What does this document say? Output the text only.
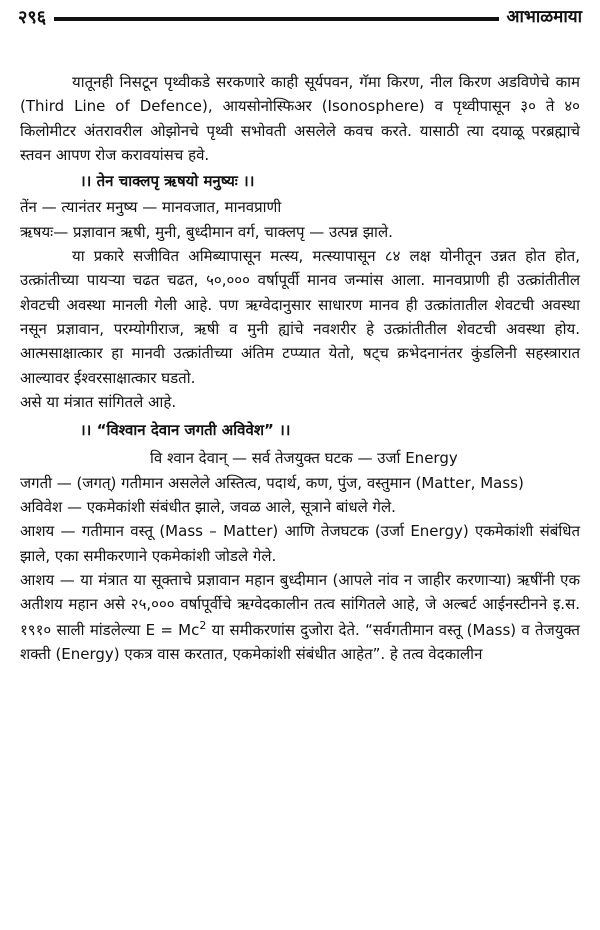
२९६	आभाळमाया

यातूनही निसटून पृथ्वीकडे सरकणारे काही सूर्यपवन, गॅमा किरण, नील किरण अडविणेचे काम (Third Line of Defence), आयसोनोस्फिअर (Isonosphere) व पृथ्वीपासून ३० ते ४० किलोमीटर अंतरावरील ओझोनचे पृथ्वी सभोवती असलेले कवच करते. यासाठी त्या दयाळू परब्रह्माचे स्तवन आपण रोज करावयांसच हवे.

।। तेन चाक्लपृ ऋषयो मनुष्यः ।।

तेंन — त्यानंतर मनुष्य — मानवजात, मानवप्राणी

ऋषयः— प्रज्ञावान ऋषी, मुनी, बुध्दीमान वर्ग, चाक्लपृ — उत्पन्न झाले.

या प्रकारे सजीवित अमिब्यापासून मत्स्य, मत्स्यापासून ८४ लक्ष योनीतून उन्नत होत होत, उत्क्रांतीच्या पायऱ्या चढत चढत, ५०,००० वर्षापूर्वी मानव जन्मांस आला. मानवप्राणी ही उत्क्रांतीतील शेवटची अवस्था मानली गेली आहे. पण ऋग्वेदानुसार साधारण मानव ही उत्क्रांतातील शेवटची अवस्था नसून प्रज्ञावान, परम्योगीराज, ऋषी व मुनी ह्यांचे नवशरीर हे उत्क्रांतीतील शेवटची अवस्था होय. आत्मसाक्षात्कार हा मानवी उत्क्रांतीच्या अंतिम टप्प्यात येतो, षट्च क्रभेदनानंतर कुंडलिनी सहस्त्रारात आल्यावर ईश्वरसाक्षात्कार घडतो.

असे या मंत्रात सांगितले आहे.

।। “विश्वान देवान जगती अविवेश” ।।

वि श्वान देवान् — सर्व तेजयुक्त घटक — उर्जा Energy

जगती — (जगत्) गतीमान असलेले अस्तित्व, पदार्थ, कण, पुंज, वस्तुमान (Matter, Mass)

अविवेश — एकमेकांशी संबंधीत झाले, जवळ आले, सूत्राने बांधले गेले.

आशय — गतीमान वस्तू (Mass – Matter) आणि तेजघटक (उर्जा Energy) एकमेकांशी संबंधित झाले, एका समीकरणाने एकमेकांशी जोडले गेले.

आशय — या मंत्रात या सूक्ताचे प्रज्ञावान महान बुध्दीमान (आपले नांव न जाहीर करणाऱ्या) ऋषींनी एक अतीशय महान असे २५,००० वर्षापूर्वीचे ऋग्वेदकालीन तत्व सांगितले आहे, जे अल्बर्ट आईनस्टीनने इ.स. १९१० साली मांडलेल्या $E = Mc^2$ या समीकरणांस दुजोरा देते. “सर्वगतीमान वस्तू (Mass) व तेजयुक्त शक्ती (Energy) एकत्र वास करतात, एकमेकांशी संबंधीत आहेत”. हे तत्व वेदकालीन
